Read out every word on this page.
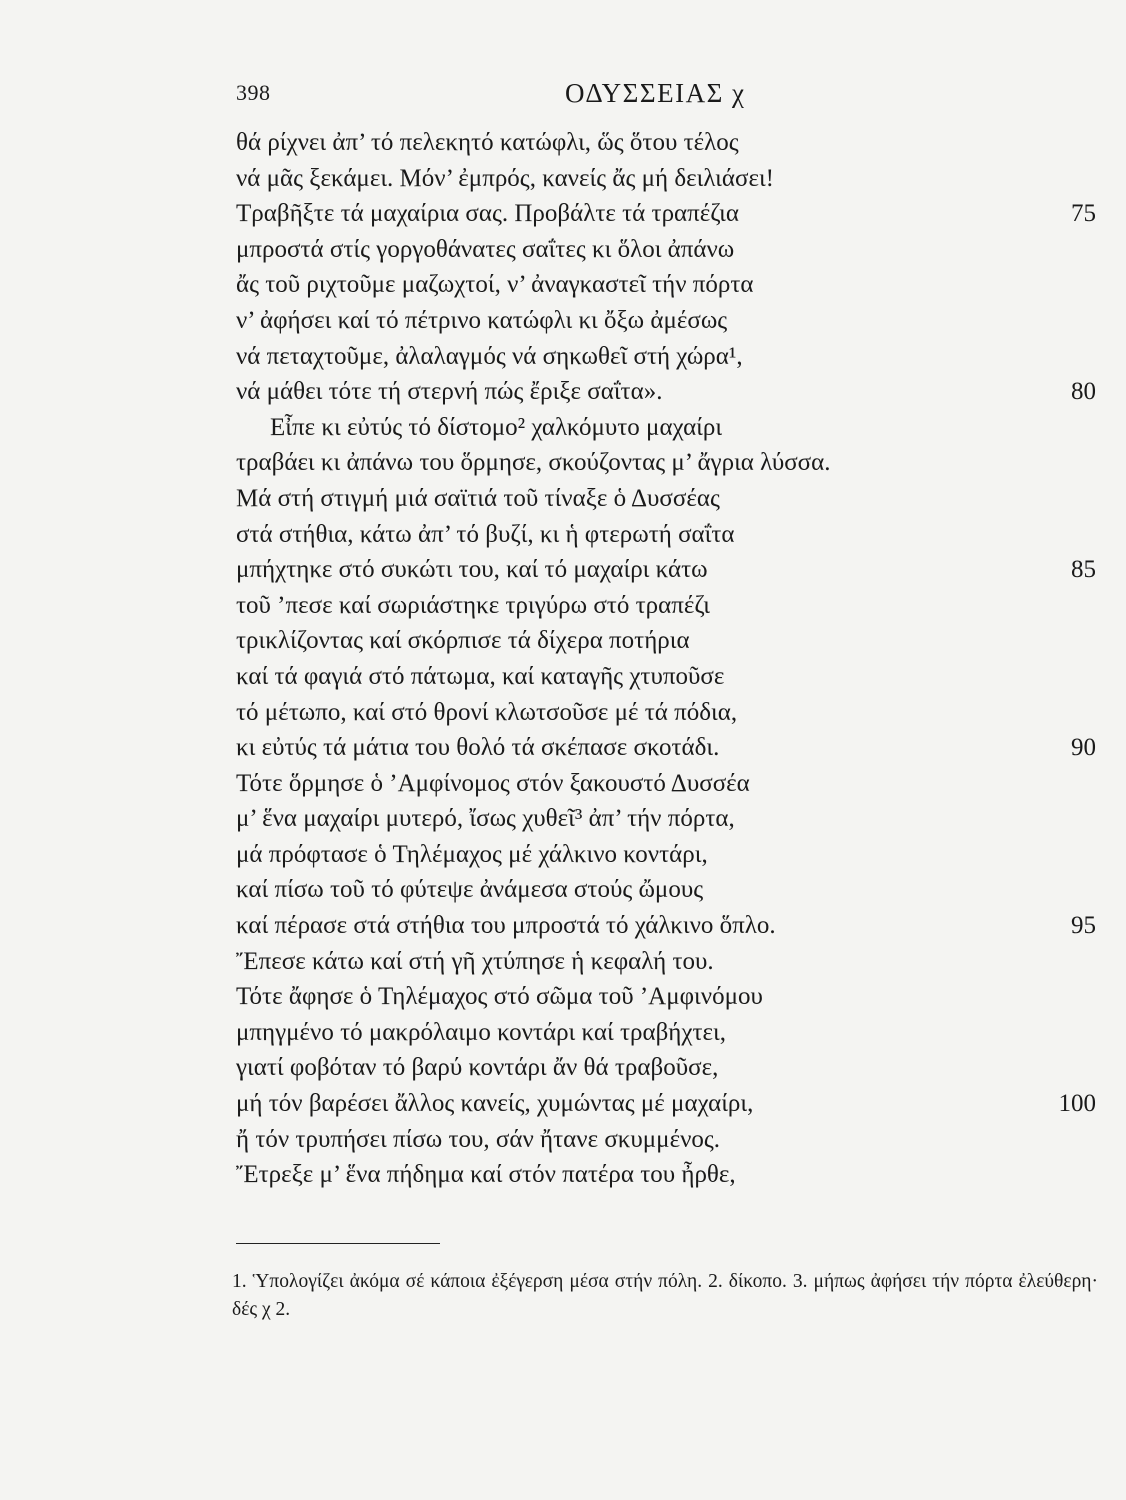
398	ΟΔΥΣΣΕΙΑΣ χ
θά ρίχνει ἀπ’ τό πελεκητό κατώφλι, ὥς ὅτου τέλος
νά μᾶς ξεκάμει. Μόν’ ἐμπρός, κανείς ἄς μή δειλιάσει!
Τραβῆξτε τά μαχαίρια σας. Προβάλτε τά τραπέζια	75
μπροστά στίς γοργοθάνατες σαΐτες κι ὅλοι ἀπάνω
ἄς τοῦ ριχτοῦμε μαζωχτοί, ν’ ἀναγκαστεῖ τήν πόρτα
ν’ ἀφήσει καί τό πέτρινο κατώφλι κι ὄξω ἀμέσως
νά πεταχτοῦμε, ἀλαλαγμός νά σηκωθεῖ στή χώρα¹,
νά μάθει τότε τή στερνή πώς ἔριξε σαΐτα».	80
Εἶπε κι εὐτύς τό δίστομο² χαλκόμυτο μαχαίρι
τραβάει κι ἀπάνω του ὅρμησε, σκούζοντας μ’ ἄγρια λύσσα.
Μά στή στιγμή μιά σαϊτιά τοῦ τίναξε ὁ Δυσσέας
στά στήθια, κάτω ἀπ’ τό βυζί, κι ἡ φτερωτή σαΐτα
μπήχτηκε στό συκώτι του, καί τό μαχαίρι κάτω	85
τοῦ ’πεσε καί σωριάστηκε τριγύρω στό τραπέζι
τρικλίζοντας καί σκόρπισε τά δίχερα ποτήρια
καί τά φαγιά στό πάτωμα, καί καταγῆς χτυποῦσε
τό μέτωπο, καί στό θρονί κλωτσοῦσε μέ τά πόδια,
κι εὐτύς τά μάτια του θολό τά σκέπασε σκοτάδι.	90
Τότε ὅρμησε ὁ ’Αμφίνομος στόν ξακουστό Δυσσέα
μ’ ἕνα μαχαίρι μυτερό, ἴσως χυθεῖ³ ἀπ’ τήν πόρτα,
μά πρόφτασε ὁ Τηλέμαχος μέ χάλκινο κοντάρι,
καί πίσω τοῦ τό φύτεψε ἀνάμεσα στούς ὤμους
καί πέρασε στά στήθια του μπροστά τό χάλκινο ὅπλο.	95
Ἔπεσε κάτω καί στή γῆ χτύπησε ἡ κεφαλή του.
Τότε ἄφησε ὁ Τηλέμαχος στό σῶμα τοῦ ’Αμφινόμου
μπηγμένο τό μακρόλαιμο κοντάρι καί τραβήχτει,
γιατί φοβόταν τό βαρύ κοντάρι ἄν θά τραβοῦσε,
μή τόν βαρέσει ἄλλος κανείς, χυμώντας μέ μαχαίρι,	100
ἤ τόν τρυπήσει πίσω του, σάν ἤτανε σκυμμένος.
Ἔτρεξε μ’ ἕνα πήδημα καί στόν πατέρα του ἦρθε,
1. Ὑπολογίζει ἀκόμα σέ κάποια ἐξέγερση μέσα στήν πόλη. 2. δίκοπο. 3. μήπως ἀφήσει τήν πόρτα ἐλεύθερη· δές χ 2.
